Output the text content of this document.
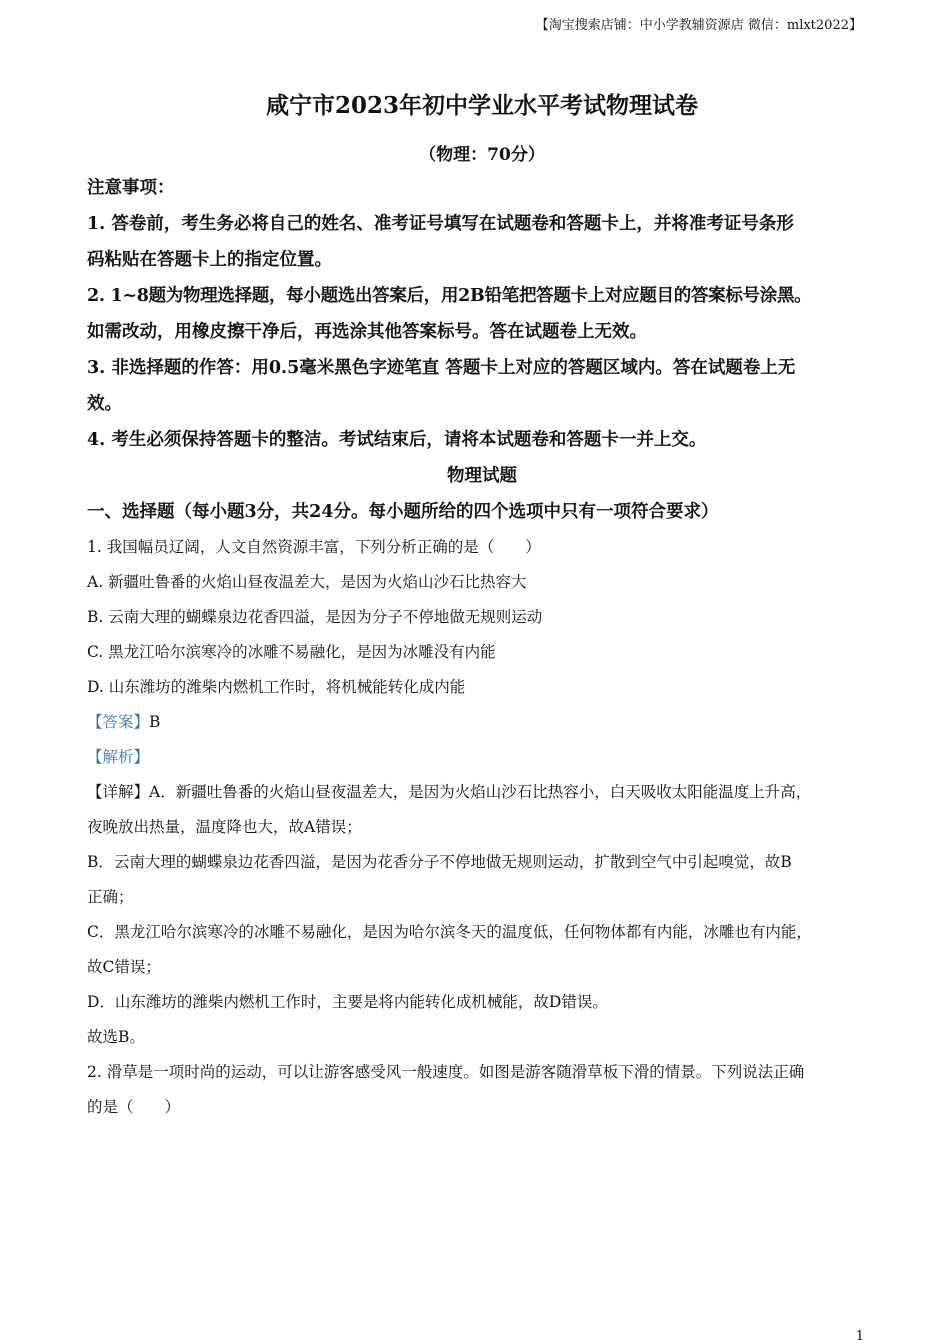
【淘宝搜索店铺：中小学教辅资源店 微信：mlxt2022】
咸宁市2023年初中学业水平考试物理试卷
（物理：70分）
注意事项：
1. 答卷前，考生务必将自己的姓名、准考证号填写在试题卷和答题卡上，并将准考证号条形
码粘贴在答题卡上的指定位置。
2. 1~8题为物理选择题，每小题选出答案后，用2B铅笔把答题卡上对应题目的答案标号涂黑。
如需改动，用橡皮擦干净后，再选涂其他答案标号。答在试题卷上无效。
3. 非选择题的作答：用0.5毫米黑色字迹笔直 答题卡上对应的答题区域内。答在试题卷上无
效。
4. 考生必须保持答题卡的整洁。考试结束后，请将本试题卷和答题卡一并上交。
物理试题
一、选择题（每小题3分，共24分。每小题所给的四个选项中只有一项符合要求）
1. 我国幅员辽阔，人文自然资源丰富，下列分析正确的是（　　）
A. 新疆吐鲁番的火焰山昼夜温差大，是因为火焰山沙石比热容大
B. 云南大理的蝴蝶泉边花香四溢，是因为分子不停地做无规则运动
C. 黑龙江哈尔滨寒冷的冰雕不易融化，是因为冰雕没有内能
D. 山东潍坊的潍柴内燃机工作时，将机械能转化成内能
【答案】B
【解析】
【详解】A．新疆吐鲁番的火焰山昼夜温差大，是因为火焰山沙石比热容小，白天吸收太阳能温度上升高，
夜晚放出热量，温度降也大，故A错误；
B．云南大理的蝴蝶泉边花香四溢，是因为花香分子不停地做无规则运动，扩散到空气中引起嗅觉，故B
正确；
C．黑龙江哈尔滨寒冷的冰雕不易融化，是因为哈尔滨冬天的温度低，任何物体都有内能，冰雕也有内能，
故C错误；
D．山东潍坊的潍柴内燃机工作时，主要是将内能转化成机械能，故D错误。
故选B。
2. 滑草是一项时尚的运动，可以让游客感受风一般速度。如图是游客随滑草板下滑的情景。下列说法正确
的是（　　）
1
